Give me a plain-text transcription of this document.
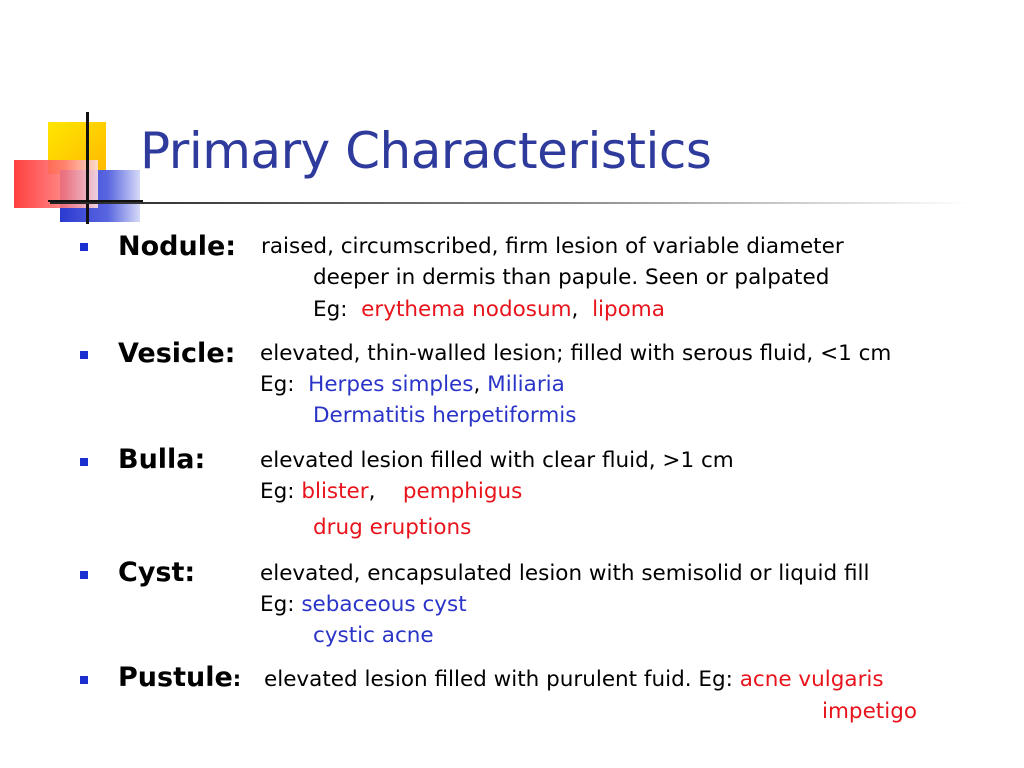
Primary Characteristics
Nodule: raised, circumscribed, firm lesion of variable diameter
deeper in dermis than papule. Seen or palpated
Eg: erythema nodosum, lipoma
Vesicle: elevated, thin-walled lesion; filled with serous fluid, <1 cm
Eg: Herpes simples, Miliaria
Dermatitis herpetiformis
Bulla:	elevated lesion filled with clear fluid, >1 cm
Eg: blister, pemphigus
drug eruptions
Cyst:	elevated, encapsulated lesion with semisolid or liquid fill
Eg: sebaceous cyst
cystic acne
Pustule: elevated lesion filled with purulent fuid. Eg: acne vulgaris
impetigo
